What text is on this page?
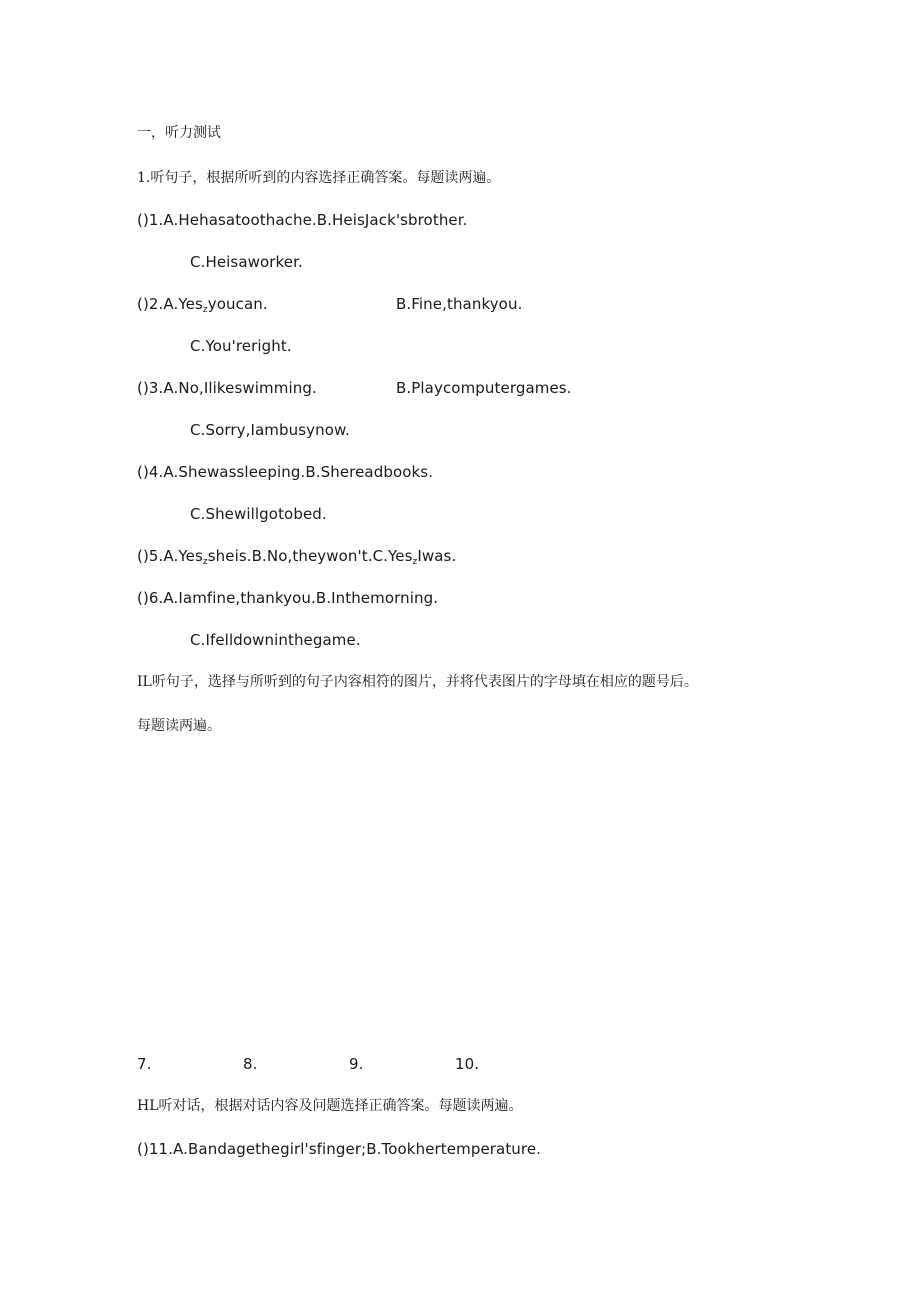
一，听力测试
1.听句子，根据所听到的内容选择正确答案。每题读两遍。
()1.A.Hehasatoothache.B.HeisJack'sbrother.
C.Heisaworker.
()2.A.Yes$_z$youcan.	B.Fine,thankyou.
C.You'reright.
()3.A.No,Ilikeswimming.	B.Playcomputergames.
C.Sorry,Iambusynow.
()4.A.Shewassleeping.B.Shereadbooks.
C.Shewillgotobed.
()5.A.Yes$_z$sheis.B.No,theywon't.C.Yes$_z$Iwas.
()6.A.Iamfine,thankyou.B.Inthemorning.
C.Ifelldowninthegame.
IL听句子，选择与所听到的句子内容相符的图片，并将代表图片的字母填在相应的题号后。
每题读两遍。
7.	8.	9.	10.
HL听对话，根据对话内容及问题选择正确答案。每题读两遍。
()11.A.Bandagethegirl'sfinger;B.Tookhertemperature.
